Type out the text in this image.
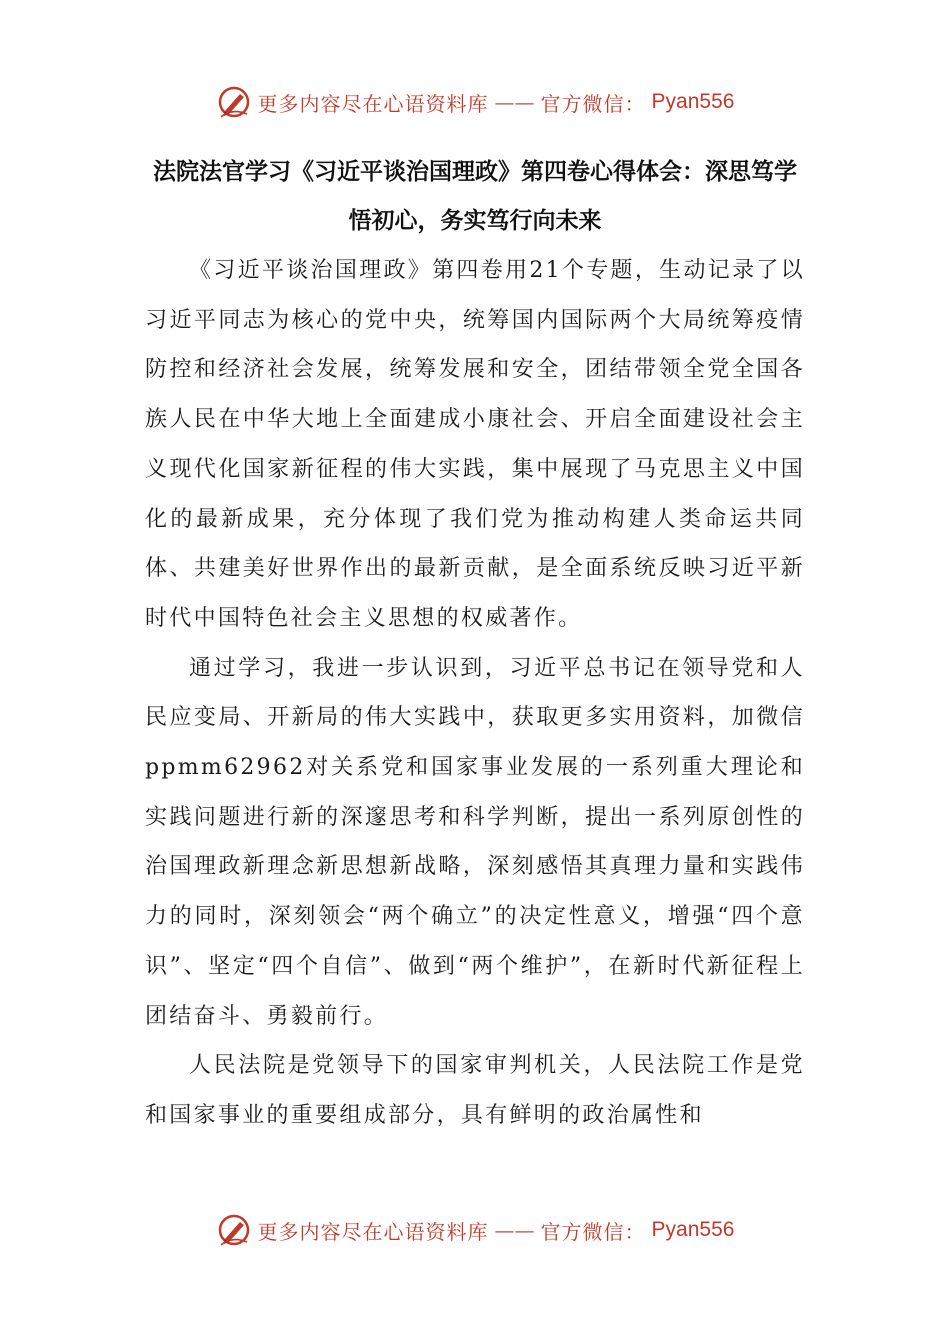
更多内容尽在心语资料库 —— 官方微信： Pyan556
法院法官学习《习近平谈治国理政》第四卷心得体会：深思笃学悟初心，务实笃行向未来

《习近平谈治国理政》第四卷用21个专题，生动记录了以习近平同志为核心的党中央，统筹国内国际两个大局统筹疫情防控和经济社会发展，统筹发展和安全，团结带领全党全国各族人民在中华大地上全面建成小康社会、开启全面建设社会主义现代化国家新征程的伟大实践，集中展现了马克思主义中国化的最新成果，充分体现了我们党为推动构建人类命运共同体、共建美好世界作出的最新贡献，是全面系统反映习近平新时代中国特色社会主义思想的权威著作。

通过学习，我进一步认识到，习近平总书记在领导党和人民应变局、开新局的伟大实践中，获取更多实用资料，加微信ppmm62962对关系党和国家事业发展的一系列重大理论和实践问题进行新的深邃思考和科学判断，提出一系列原创性的治国理政新理念新思想新战略，深刻感悟其真理力量和实践伟力的同时，深刻领会“两个确立”的决定性意义，增强“四个意识”、坚定“四个自信”、做到“两个维护”，在新时代新征程上团结奋斗、勇毅前行。

人民法院是党领导下的国家审判机关，人民法院工作是党和国家事业的重要组成部分，具有鲜明的政治属性和

更多内容尽在心语资料库 —— 官方微信： Pyan556
